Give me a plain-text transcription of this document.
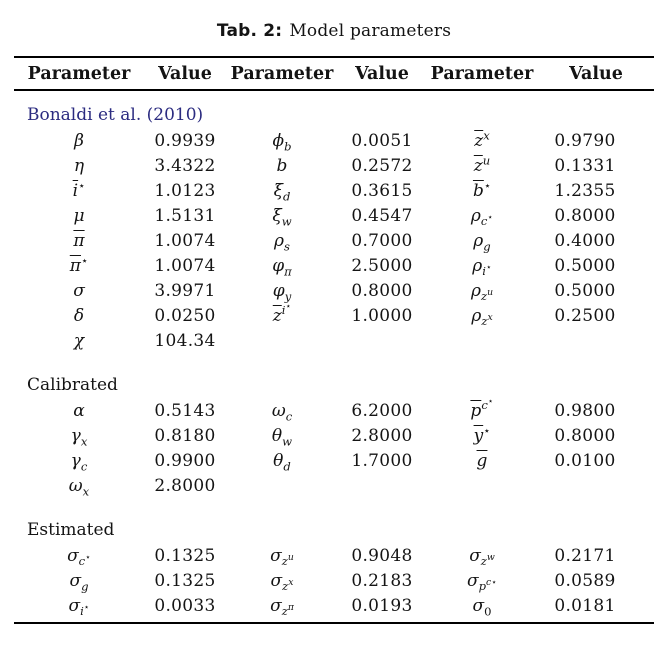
Tab. 2: Model parameters
Parameter	Value	Parameter	Value	Parameter	Value

Bonaldi et al. (2010)					
β	0.9939	$\phi_b$	0.0051	$\overline{z}^x$	0.9790
η	3.4322	b	0.2572	$\overline{z}^u$	0.1331
$\overline{i}^⋆$	1.0123	$\xi_d$	0.3615	$\overline{b}^⋆$	1.2355
μ	1.5131	$\xi_w$	0.4547	$\rho_{c^⋆}$	0.8000
$\overline{\pi}$	1.0074	$\rho_s$	0.7000	$\rho_g$	0.4000
$\overline{\pi}^⋆$	1.0074	$\varphi_\pi$	2.5000	$\rho_{i^⋆}$	0.5000
σ	3.9971	$\varphi_y$	0.8000	$\rho_{z^u}$	0.5000
δ	0.0250	$\overline{z}^{i^⋆}$	1.0000	$\rho_{z^x}$	0.2500
χ	104.34				

Calibrated					
α	0.5143	$\omega_c$	6.2000	$\overline{p}^{c^⋆}$	0.9800
$\gamma_x$	0.8180	$\theta_w$	2.8000	$\overline{y}^⋆$	0.8000
$\gamma_c$	0.9900	$\theta_d$	1.7000	$\overline{g}$	0.0100
$\omega_x$	2.8000				

Estimated					
$\sigma_{c^⋆}$	0.1325	$\sigma_{z^u}$	0.9048	$\sigma_{z^w}$	0.2171
$\sigma_g$	0.1325	$\sigma_{z^x}$	0.2183	$\sigma_{p^{c⋆}}$	0.0589
$\sigma_{i^⋆}$	0.0033	$\sigma_{z^\pi}$	0.0193	$\sigma_0$	0.0181
